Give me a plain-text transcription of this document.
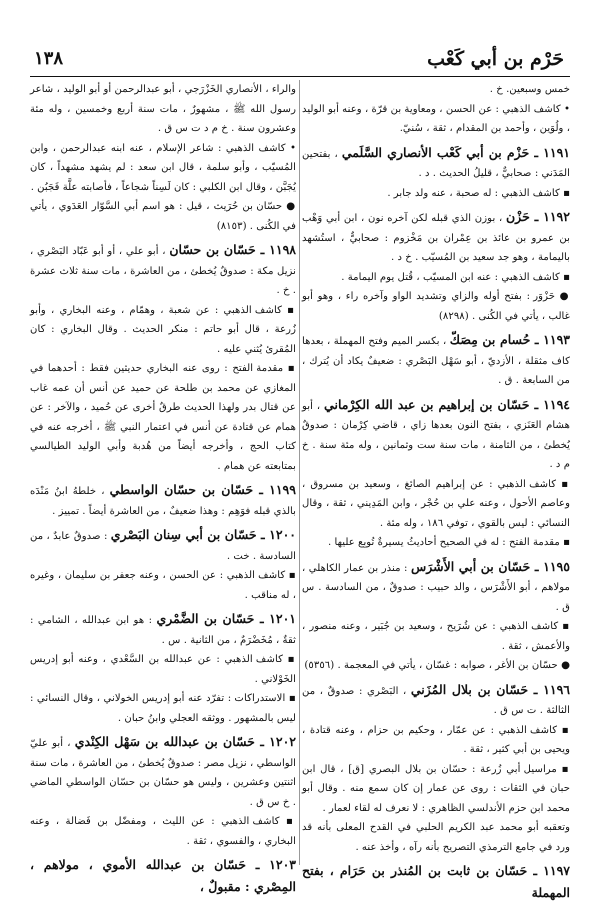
حَرْم بن أبي كَعْب
١٣٨

خمس وسبعين. خ .

• كاشف الذهبي : عن الحسن ، ومعاوية بن قرّة ، وعنه أبو الوليد ، ولُوَين ، وأحمد بن المقدام ، ثقة ، سُنيّ.

١١٩١ ـ حَزْم بن أبي كَعْب الأنصاري السَّلَمي ، بفتحين المَدَني : صحابيٌّ ، قليلُ الحديث . د .

▪ كاشف الذهبي : له صحبة ، عنه ولد جابر .

١١٩٢ ـ حَزْن ، بوزن الذي قبله لكن آخره نون ، ابن أبي وَهْب بن عمرو بن عائذ بن عِمْران بن مَخْزوم : صحابيٌّ ، استُشهد باليمامة ، وهو جد سعيد بن المُسيّب . خ د .

▪ كاشف الذهبي : عنه ابن المسيّب ، قُتل يوم اليمامة .

● حَزْوَر : بفتح أوله والزاي وتشديد الواو وآخره راء ، وهو أبو غالب ، يأتي في الكُنى . (٨٢٩٨)

١١٩٣ ـ حُسام بن مِصَكّ ، بكسر الميم وفتح المهملة ، بعدها كاف مثقلة ، الأزديّ ، أبو سَهْل البَصْري : ضعيفٌ يكاد أن يُترك ، من السابعة . ق .
١١٩٤ ـ حَسّان بن إبراهيم بن عبد الله الكِرْماني ، أبو هشام العَنَزي ، بفتح النون بعدها زاي ، قاضي كِرْمان : صدوقٌ يُخطئ ، من الثامنة ، مات سنة ست وثمانين ، وله مئة سنة . خ م د .

▪ كاشف الذهبي : عن إبراهيم الصائغ ، وسعيد بن مسروق ، وعاصم الأحول ، وعنه علي بن حُجْر ، وابن المَدِيني ، ثقة ، وقال النسائي : ليس بالقوي ، توفي ١٨٦ ، وله مئة .

▪ مقدمة الفتح : له في الصحيح أحاديثُ يسيرةٌ تُوبِع عليها .

١١٩٥ ـ حَسّان بن أبي الأَشْرَس : منذر بن عمار الكاهلي ، مولاهم ، أبو الأَشْرَس ، والد حبيب : صدوقٌ ، من السادسة . س ق .

▪ كاشف الذهبي : عن شُرَيح ، وسعيد بن جُبَير ، وعنه منصور ، والأعمش ، ثقة .

● حسّان بن الأغر ، صوابه : غسّان ، يأتي في المعجمة . (٥٣٥٦)

١١٩٦ ـ حَسّان بن بلال المُزَني ، البَصْري : صدوقٌ ، من الثالثة . ت س ق .

▪ كاشف الذهبي : عن عمّار ، وحكيم بن حزام ، وعنه قتادة ، ويحيى بن أبي كثير ، ثقة .

▪ مراسيل أبي زُرعة : حسّان بن بلال البصري [ق] ، قال ابن حبان في الثقات : روى عن عمار إن كان سمع منه . وقال أبو محمد ابن حزم الأندلسي الظاهري : لا نعرف له لقاء لعمار .

وتعقبه أبو محمد عبد الكريم الحلبي في القدح المعلى بأنه قد ورد في جامع الترمذي التصريح بأنه رآه ، وأخذ عنه .

١١٩٧ ـ حَسّان بن ثابت بن المُنذر بن حَرَام ، بفتح المهملة

والراء ، الأنصاري الخَزْرَجي ، أبو عبدالرحمن أو أبو الوليد ، شاعر رسول الله ﷺ ، مشهورٌ ، مات سنة أربع وخمسين ، وله مئة وعشرون سنة . خ م د ت س ق .

• كاشف الذهبي : شاعر الإسلام ، عنه ابنه عبدالرحمن ، وابن المُسيّب ، وأبو سلمة ، قال ابن سعد : لم يشهد مشهداً ، كان يُجَبَّن ، وقال ابن الكلبي : كان لَسِناً شجاعاً ، فأصابته علَّة فَجَبُن .

● حسّان بن حُرَيث ، قيل : هو اسم أبي السَّوّار العَدَوي ، يأتي في الكُنى . (٨١٥٣)

١١٩٨ ـ حَسّان بن حسّان ، أبو علي ، أو أبو عَبّاد البَصْري ، نزيل مكة : صدوقٌ يُخطئ ، من العاشرة ، مات سنة ثلاث عشرة . خ .

▪ كاشف الذهبي : عن شعبة ، وهمّام ، وعنه البخاري ، وأبو زُرعة ، قال أبو حاتم : منكر الحديث . وقال البخاري : كان المُقرئ يُثني عليه .

▪ مقدمة الفتح : روى عنه البخاري حديثين فقط : أحدهما في المغازي عن محمد بن طلحة عن حميد عن أنس أن عمه غاب عن قتال بدر ولهذا الحديث طرقٌ أخرى عن حُميد ، والآخر : عن همام عن قتادة عن أنس في اعتمار النبي ﷺ ، أخرجه عنه في كتاب الحج ، وأخرجه أيضاً من هُدبة وأبي الوليد الطيالسي بمتابعته عن همام .

١١٩٩ ـ حَسّان بن حسّان الواسطي ، خلطهُ ابنُ مَنْدَه بالذي قبله فوَهِم : وهذا ضعيفٌ ، من العاشرة أيضاً . تمييز .
١٢٠٠ ـ حَسّان بن أبي سِنان البَصْري : صدوقٌ عابدٌ ، من السادسة . خت .

▪ كاشف الذهبي : عن الحسن ، وعنه جعفر بن سليمان ، وغيره ، له مناقب .

١٢٠١ ـ حَسّان بن الضَّمْري : هو ابن عبدالله ، الشامي : ثقةٌ ، مُخَضْرَمٌ ، من الثانية . س .

▪ كاشف الذهبي : عن عبدالله بن السَّعْدي ، وعنه أبو إدريس الخَوْلاني .

▪ الاستدراكات : تفرّد عنه أبو إدريس الخولاني ، وقال النسائي : ليس بالمشهور . ووثقه العجلي وابنُ حبان .

١٢٠٢ ـ حَسّان بن عبدالله بن سَهْل الكِنْدي ، أبو عليّ الواسطي ، نزيل مصر : صدوقٌ يُخطئ ، من العاشرة ، مات سنة اثنتين وعشرين ، وليس هو حسّان بن حسّان الواسطي الماضي . خ س ق .

▪ كاشف الذهبي : عن الليث ، ومفضّل بن فَضالة ، وعنه البخاري ، والفسوي ، ثقة .

١٢٠٣ ـ حَسّان بن عبدالله الأموي ، مولاهم ، المِصْري : مقبولٌ ،
